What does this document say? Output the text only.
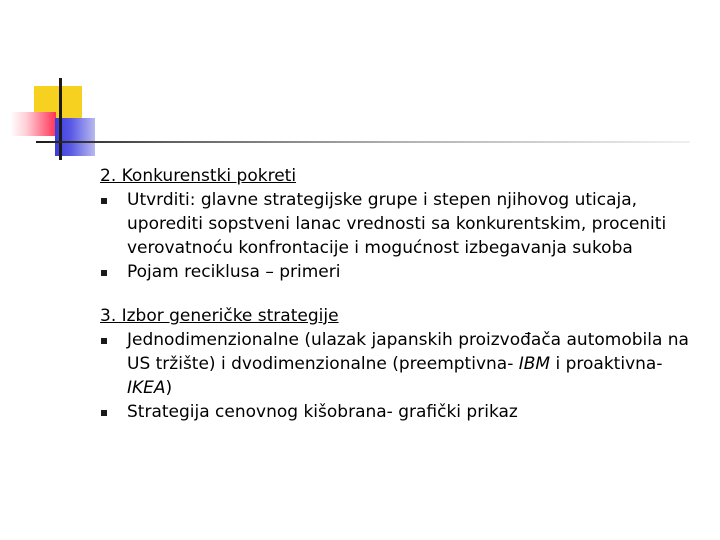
2. Konkurenstki pokreti

Utvrditi: glavne strategijske grupe i stepen njihovog uticaja, uporediti sopstveni lanac vrednosti sa konkurentskim, proceniti verovatnoću konfrontacije i mogućnost izbegavanja sukoba
Pojam reciklusa – primeri

3. Izbor generičke strategije

Jednodimenzionalne (ulazak japanskih proizvođača automobila na US tržište) i dvodimenzionalne (preemptivna- IBM i proaktivna- IKEA)
Strategija cenovnog kišobrana- grafički prikaz
